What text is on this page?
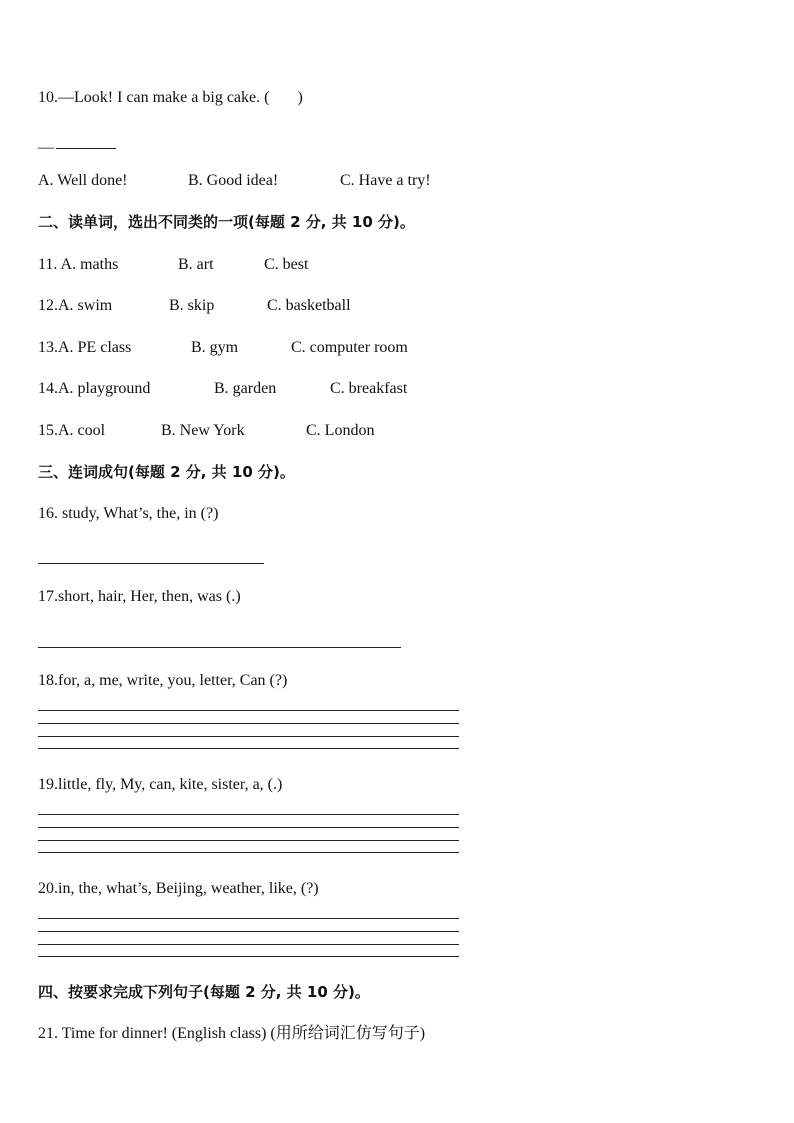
10.—Look! I can make a big cake. (       )
—
A. Well done!	B. Good idea!	C. Have a try!
二、读单词，选出不同类的一项(每题 2 分, 共 10 分)。
11. A. maths	B. art	C. best
12.A. swim	B. skip	C. basketball
13.A. PE class	B. gym	C. computer room
14.A. playground	B. garden	C. breakfast
15.A. cool	B. New York	C. London
三、连词成句(每题 2 分, 共 10 分)。
16. study, What’s, the, in (?)
17.short, hair, Her, then, was (.)
18.for, a, me, write, you, letter, Can (?)
19.little, fly, My, can, kite, sister, a, (.)
20.in, the, what’s, Beijing, weather, like, (?)
四、按要求完成下列句子(每题 2 分, 共 10 分)。
21. Time for dinner! (English class) (用所给词汇仿写句子)
